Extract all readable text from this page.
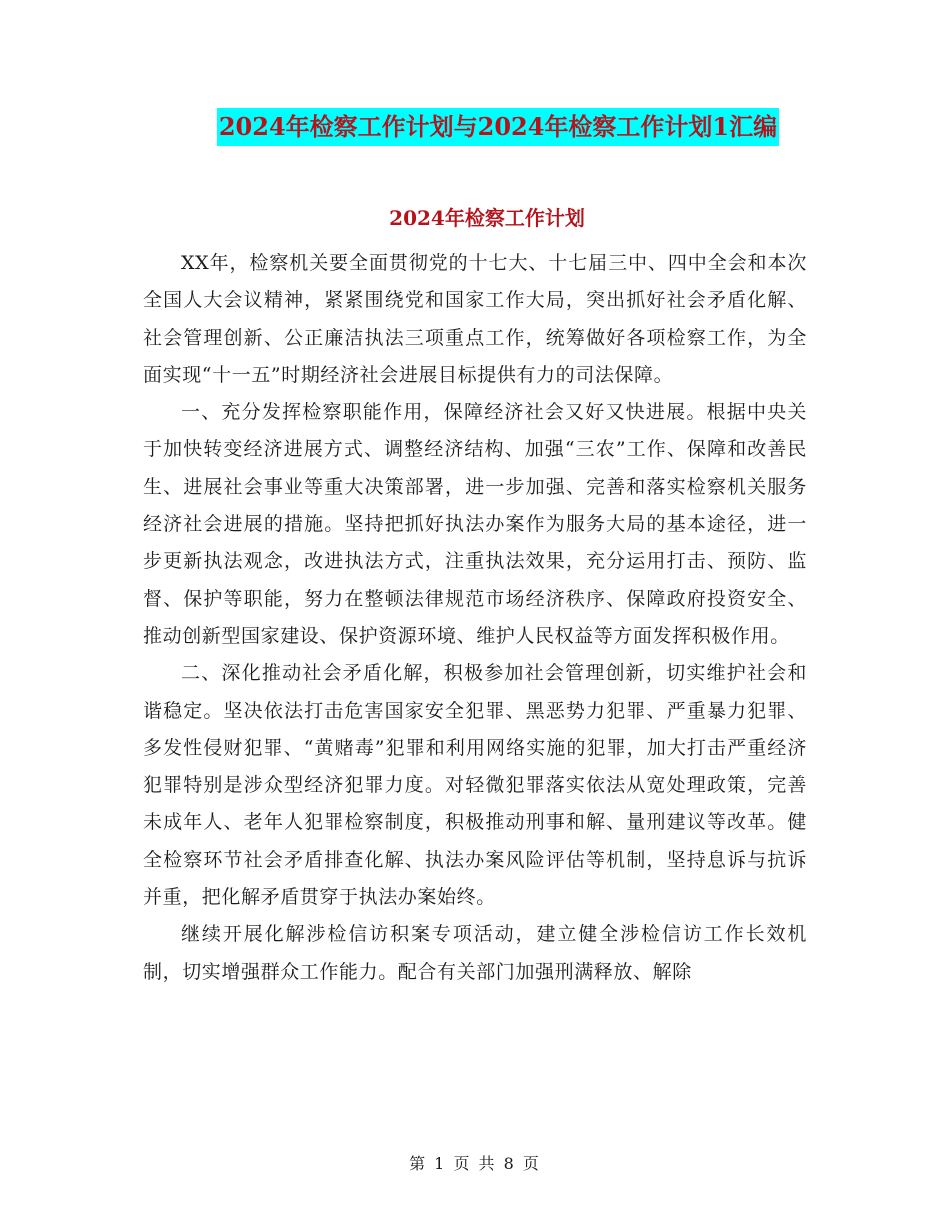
2024年检察工作计划与2024年检察工作计划1汇编
2024年检察工作计划

XX年，检察机关要全面贯彻党的十七大、十七届三中、四中全会和本次全国人大会议精神，紧紧围绕党和国家工作大局，突出抓好社会矛盾化解、社会管理创新、公正廉洁执法三项重点工作，统筹做好各项检察工作，为全面实现“十一五”时期经济社会进展目标提供有力的司法保障。

一、充分发挥检察职能作用，保障经济社会又好又快进展。根据中央关于加快转变经济进展方式、调整经济结构、加强“三农”工作、保障和改善民生、进展社会事业等重大决策部署，进一步加强、完善和落实检察机关服务经济社会进展的措施。坚持把抓好执法办案作为服务大局的基本途径，进一步更新执法观念，改进执法方式，注重执法效果，充分运用打击、预防、监督、保护等职能，努力在整顿法律规范市场经济秩序、保障政府投资安全、推动创新型国家建设、保护资源环境、维护人民权益等方面发挥积极作用。

二、深化推动社会矛盾化解，积极参加社会管理创新，切实维护社会和谐稳定。坚决依法打击危害国家安全犯罪、黑恶势力犯罪、严重暴力犯罪、多发性侵财犯罪、“黄赌毒”犯罪和利用网络实施的犯罪，加大打击严重经济犯罪特别是涉众型经济犯罪力度。对轻微犯罪落实依法从宽处理政策，完善未成年人、老年人犯罪检察制度，积极推动刑事和解、量刑建议等改革。健全检察环节社会矛盾排查化解、执法办案风险评估等机制，坚持息诉与抗诉并重，把化解矛盾贯穿于执法办案始终。

继续开展化解涉检信访积案专项活动，建立健全涉检信访工作长效机制，切实增强群众工作能力。配合有关部门加强刑满释放、解除

第 1 页 共 8 页
